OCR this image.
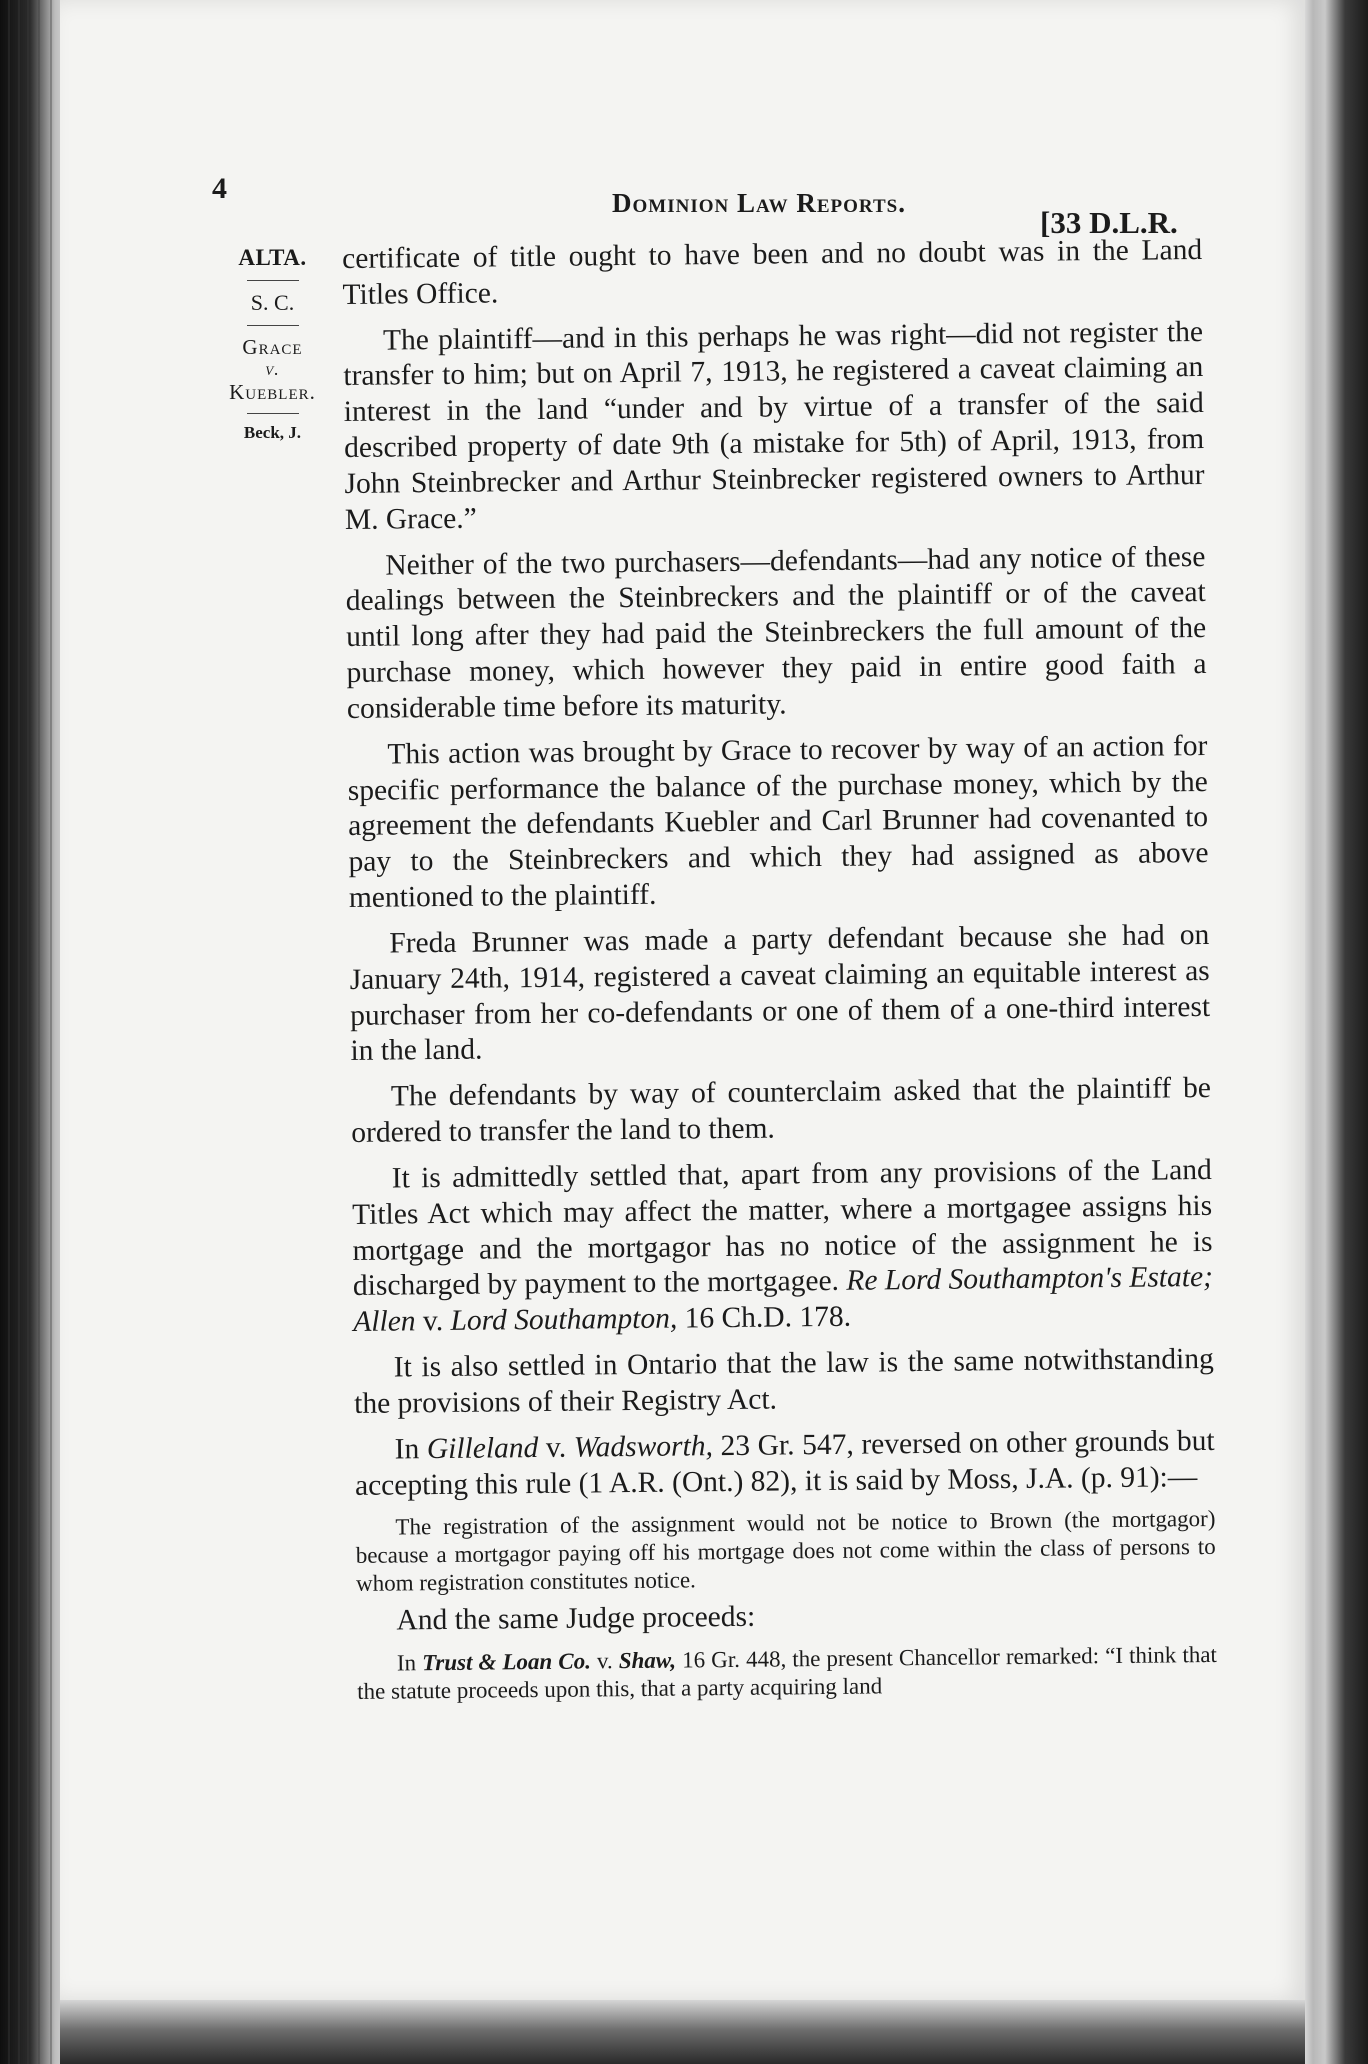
4	Dominion Law Reports.
[33 D.L.R.
ALTA.
S. C.
Grace
v.
Kuebler.
Beck, J.

certificate of title ought to have been and no doubt was in the Land Titles Office.

The plaintiff—and in this perhaps he was right—did not register the transfer to him; but on April 7, 1913, he registered a caveat claiming an interest in the land “under and by virtue of a transfer of the said described property of date 9th (a mistake for 5th) of April, 1913, from John Steinbrecker and Arthur Steinbrecker registered owners to Arthur M. Grace.”

Neither of the two purchasers—defendants—had any notice of these dealings between the Steinbreckers and the plaintiff or of the caveat until long after they had paid the Steinbreckers the full amount of the purchase money, which however they paid in entire good faith a considerable time before its maturity.

This action was brought by Grace to recover by way of an action for specific performance the balance of the purchase money, which by the agreement the defendants Kuebler and Carl Brunner had covenanted to pay to the Steinbreckers and which they had assigned as above mentioned to the plaintiff.

Freda Brunner was made a party defendant because she had on January 24th, 1914, registered a caveat claiming an equitable interest as purchaser from her co-defendants or one of them of a one-third interest in the land.

The defendants by way of counterclaim asked that the plaintiff be ordered to transfer the land to them.

It is admittedly settled that, apart from any provisions of the Land Titles Act which may affect the matter, where a mortgagee assigns his mortgage and the mortgagor has no notice of the assignment he is discharged by payment to the mortgagee. Re Lord Southampton's Estate; Allen v. Lord Southampton, 16 Ch.D. 178.

It is also settled in Ontario that the law is the same notwithstanding the provisions of their Registry Act.

In Gilleland v. Wadsworth, 23 Gr. 547, reversed on other grounds but accepting this rule (1 A.R. (Ont.) 82), it is said by Moss, J.A. (p. 91):—

The registration of the assignment would not be notice to Brown (the mortgagor) because a mortgagor paying off his mortgage does not come within the class of persons to whom registration constitutes notice.

And the same Judge proceeds:

In Trust & Loan Co. v. Shaw, 16 Gr. 448, the present Chancellor remarked: “I think that the statute proceeds upon this, that a party acquiring land
